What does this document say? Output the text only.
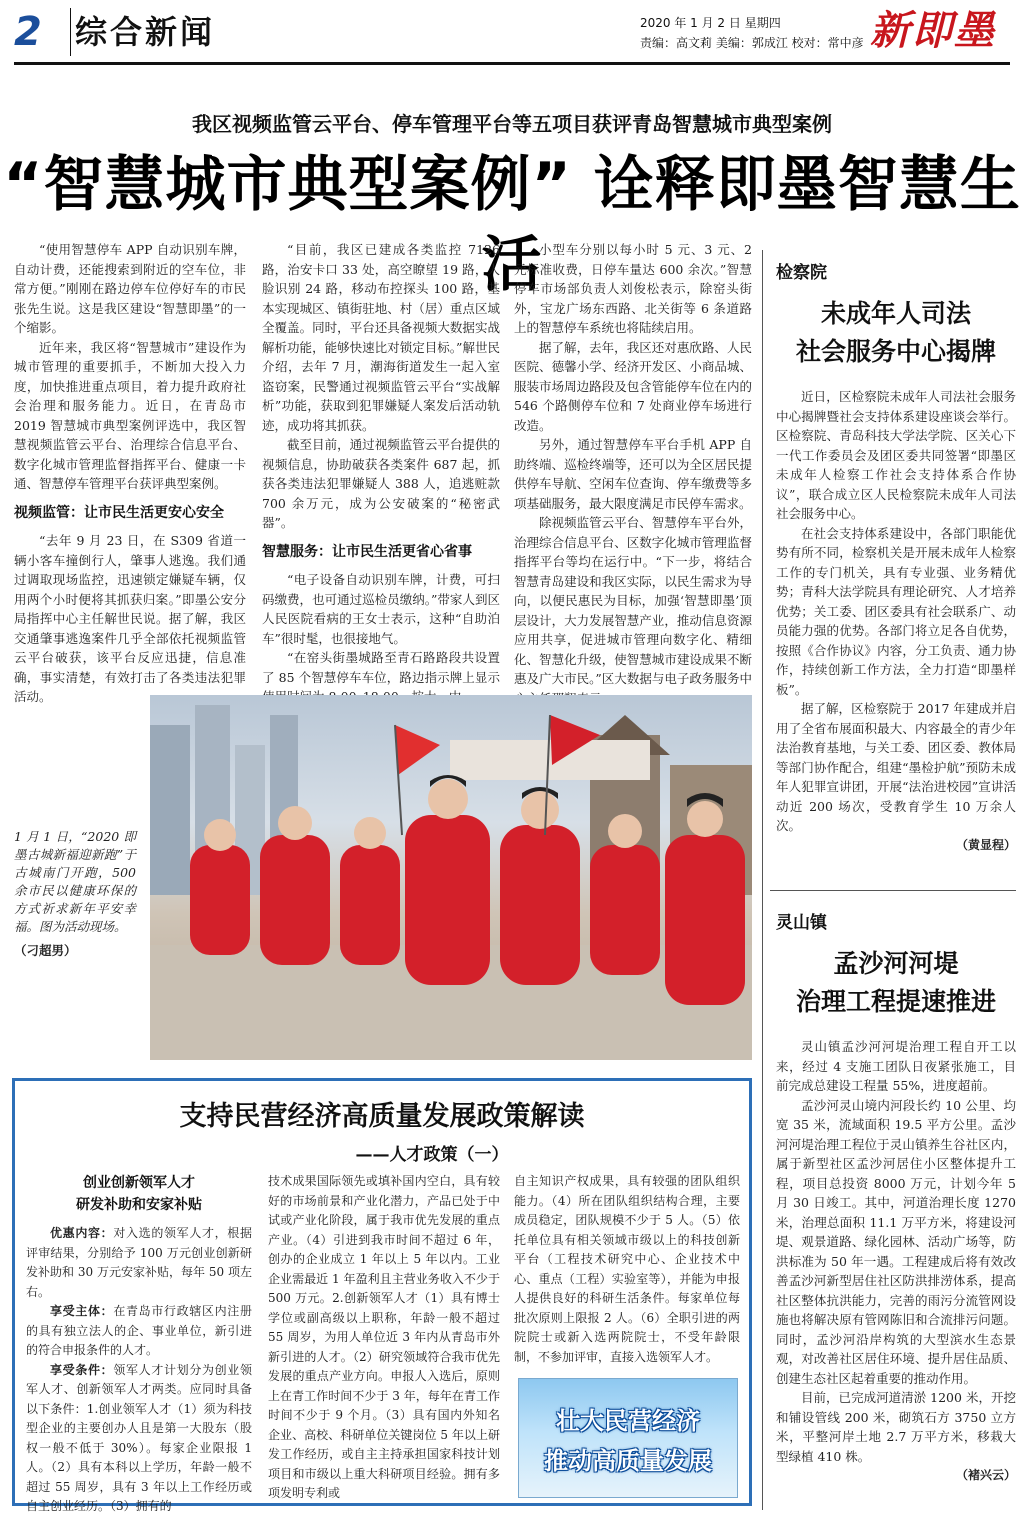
2	综合新闻	2020 年 1 月 2 日 星期四
责编：高文莉 美编：郭成江 校对：常中彦 新即墨
我区视频监管云平台、停车管理平台等五项目获评青岛智慧城市典型案例
“智慧城市典型案例” 诠释即墨智慧生活

“使用智慧停车 APP 自动识别车牌，自动计费，还能搜索到附近的空车位，非常方便。”刚刚在路边停车位停好车的市民张先生说。这是我区建设“智慧即墨”的一个缩影。

近年来，我区将“智慧城市”建设作为城市管理的重要抓手，不断加大投入力度，加快推进重点项目，着力提升政府社会治理和服务能力。近日，在青岛市 2019 智慧城市典型案例评选中，我区智慧视频监管云平台、治理综合信息平台、数字化城市管理监督指挥平台、健康一卡通、智慧停车管理平台获评典型案例。

视频监管：让市民生活更安心安全

“去年 9 月 23 日，在 S309 省道一辆小客车撞倒行人，肇事人逃逸。我们通过调取现场监控，迅速锁定嫌疑车辆，仅用两个小时便将其抓获归案。”即墨公安分局指挥中心主任解世民说。据了解，我区交通肇事逃逸案件几乎全部依托视频监管云平台破获，该平台反应迅捷，信息准确，事实清楚，有效打击了各类违法犯罪活动。

“目前，我区已建成各类监控 7126 路，治安卡口 33 处，高空瞭望 19 路，人脸识别 24 路，移动布控探头 100 路，基本实现城区、镇街驻地、村（居）重点区域全覆盖。同时，平台还具备视频大数据实战解析功能，能够快速比对锁定目标。”解世民介绍，去年 7 月，潮海街道发生一起入室盗窃案，民警通过视频监管云平台“实战解析”功能，获取到犯罪嫌疑人案发后活动轨迹，成功将其抓获。

截至目前，通过视频监管云平台提供的视频信息，协助破获各类案件 687 起，抓获各类违法犯罪嫌疑人 388 人，追逃赃款 700 余万元，成为公安破案的“秘密武器”。

智慧服务：让市民生活更省心省事

“电子设备自动识别车牌，计费，可扫码缴费，也可通过巡检员缴纳。”带家人到区人民医院看病的王女士表示，这种“自助泊车”很时髦，也很接地气。

“在窑头街墨城路至青石路路段共设置了 85 个智慧停车车位，路边指示牌上显示

小型车分别以每小时 5 元、3 元、2 元标准收费，日停车量达 600 余次。”智慧停车市场部负责人刘俊松表示，除窑头街外，宝龙广场东西路、北关街等 6 条道路上的智慧停车系统也将陆续启用。

据了解，去年，我区还对惠欣路、人民医院、德馨小学、经济开发区、小商品城、服装市场周边路段及包含管能停车位在内的 546 个路侧停车位和 7 处商业停车场进行改造。

另外，通过智慧停车平台手机 APP 自助终端、巡检终端等，还可以为全区居民提供停车导航、空闲车位查询、停车缴费等多项基础服务，最大限度满足市民停车需求。

除视频监管云平台、智慧停车平台外，治理综合信息平台、区数字化城市管理监督指挥平台等均在运行中。“下一步，将结合智慧青岛建设和我区实际，以民生需求为导向，以便民惠民为目标，加强‘智慧即墨’顶层设计，大力发展智慧产业，推动信息资源应用共享，促进城市管理向数字化、精细化、智慧化升级，使智慧城市建设成果不断惠及广大市民。”区大数据与电子政务服务中

1 月 1 日，“2020 即墨古城新福迎新跑”于古城南门开跑，500 余市民以健康环保的方式祈求新年平安幸福。图为活动现场。
（刁超男）
检察院
未成年人司法
社会服务中心揭牌

近日，区检察院未成年人司法社会服务中心揭牌暨社会支持体系建设座谈会举行。区检察院、青岛科技大学法学院、区关心下一代工作委员会及团区委共同签署“即墨区未成年人检察工作社会支持体系合作协议”，联合成立区人民检察院未成年人司法社会服务中心。

在社会支持体系建设中，各部门职能优势有所不同，检察机关是开展未成年人检察工作的专门机关，具有专业强、业务精优势；青科大法学院具有理论研究、人才培养优势；关工委、团区委具有社会联系广、动员能力强的优势。各部门将立足各自优势，按照《合作协议》内容，分工负责、通力协作，持续创新工作方法，全力打造“即墨样板”。

据了解，区检察院于 2017 年建成并启用了全省布展面积最大、内容最全的青少年法治教育基地，与关工委、团区委、教体局等部门协作配合，组建“墨检护航”预防未成年人犯罪宣讲团，开展“法治进校园”宣讲活动近 200 场次，受教育学生 10 万余人次。

（黄显程）

灵山镇
孟沙河河堤
治理工程提速推进

灵山镇孟沙河河堤治理工程自开工以来，经过 4 支施工团队日夜紧张施工，目前完成总建设工程量 55%，进度超前。

孟沙河灵山境内河段长约 10 公里、均宽 35 米，流域面积 19.5 平方公里。孟沙河河堤治理工程位于灵山镇养生谷社区内，属于新型社区孟沙河居住小区整体提升工程，项目总投资 8000 万元，计划今年 5 月 30 日竣工。其中，河道治理长度 1270 米，治理总面积 11.1 万平方米，将建设河堤、观景道路、绿化园林、活动广场等，防洪标准为 50 年一遇。工程建成后将有效改善孟沙河新型居住社区防洪排涝体系，提高社区整体抗洪能力，完善的雨污分流管网设施也将解决原有管网陈旧和合流排污问题。同时，孟沙河沿岸构筑的大型滨水生态景观，对改善社区居住环境、提升居住品质、创建生态社区起着重要的推动作用。

目前，已完成河道清淤 1200 米，开挖和铺设管线 200 米，砌筑石方 3750 立方米，平整河岸土地 2.7 万平方米，移栽大型绿植 410 株。

（褚兴云）

支持民营经济高质量发展政策解读
——人才政策（一）
创业创新领军人才
研发补助和安家补贴

优惠内容：对入选的领军人才，根据评审结果，分别给予 100 万元创业创新研发补助和 30 万元安家补贴，每年 50 项左右。

享受主体：在青岛市行政辖区内注册的具有独立法人的企、事业单位，新引进的符合申报条件的人才。

享受条件：领军人才计划分为创业领军人才、创新领军人才两类。应同时具备以下条件：1.创业领军人才（1）须为科技型企业的主要创办人且是第一大股东（股权一般不低于 30%）。每家企业限报 1 人。（2）具有本科以上学历，年龄一般不超过 55 周岁，具有 3 年以上工作经历或自主创业经历。（3）拥有的

技术成果国际领先或填补国内空白，具有较好的市场前景和产业化潜力，产品已处于中试或产业化阶段，属于我市优先发展的重点产业。（4）引进到我市时间不超过 6 年，创办的企业成立 1 年以上 5 年以内。工业企业需最近 1 年盈利且主营业务收入不少于 500 万元。2.创新领军人才（1）具有博士学位或副高级以上职称，年龄一般不超过 55 周岁，为用人单位近 3 年内从青岛市外新引进的人才。（2）研究领域符合我市优先发展的重点产业方向。申报人入选后，原则上在青工作时间不少于 3 年，每年在青工作时间不少于 9 个月。（3）具有国内外知名企业、高校、科研单位关键岗位 5 年以上研发工作经历，或自主主持承担国家科技计划项目和市级以上重大科研项目经验。拥有多项发明专利或

自主知识产权成果，具有较强的团队组织能力。（4）所在团队组织结构合理，主要成员稳定，团队规模不少于 5 人。（5）依托单位具有相关领域市级以上的科技创新平台（工程技术研究中心、企业技术中心、重点（工程）实验室等），并能为申报人提供良好的科研生活条件。每家单位每批次原则上限报 2 人。（6）全职引进的两院院士或新入选两院院士，不受年龄限制，不参加评审，直接入选领军人才。

壮大民营经济
推动高质量发展
